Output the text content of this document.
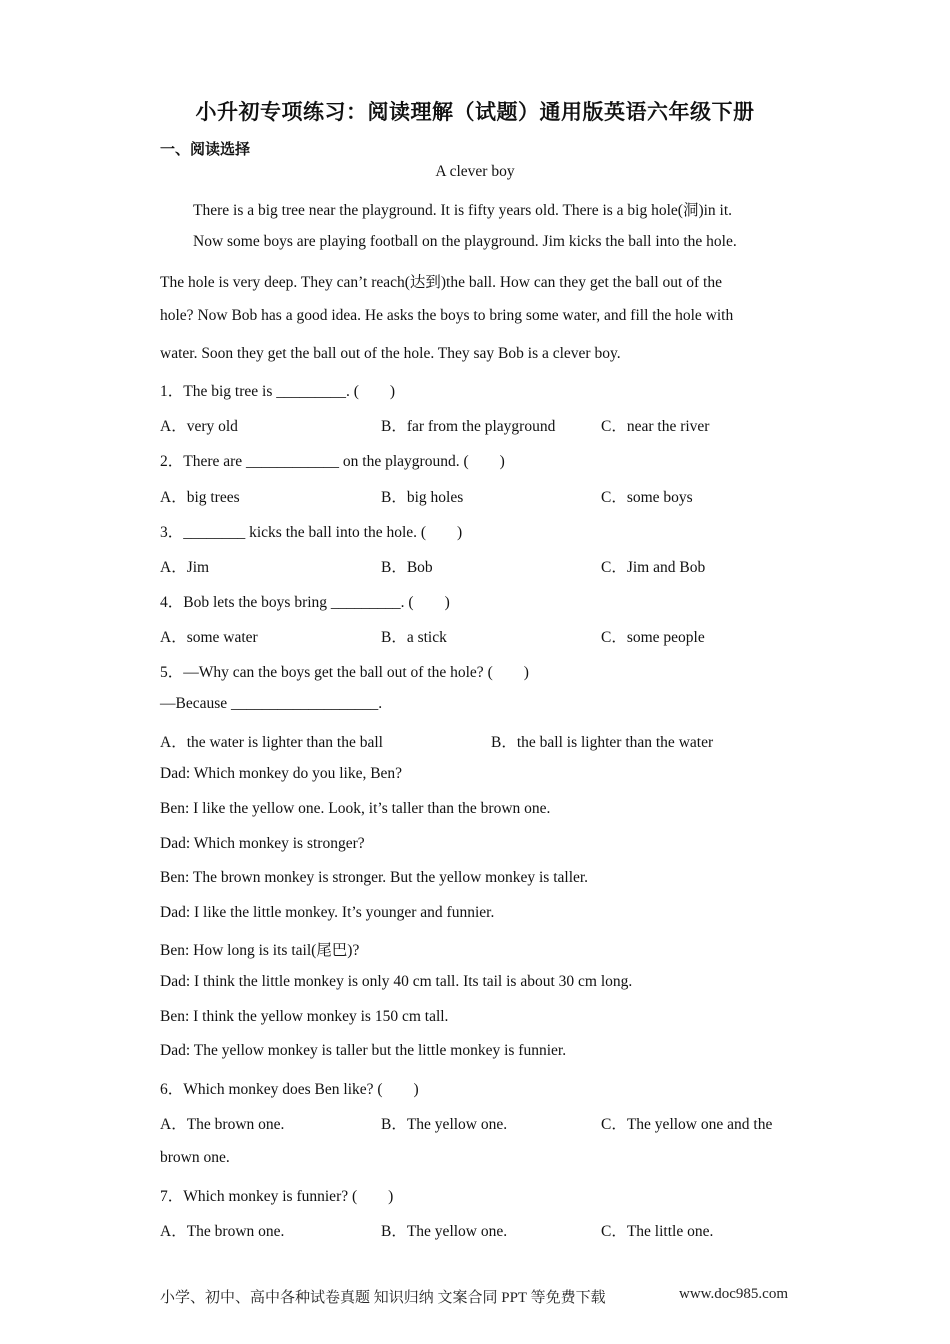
小升初专项练习：阅读理解（试题）通用版英语六年级下册
一、阅读选择
A clever boy
There is a big tree near the playground. It is fifty years old. There is a big hole(洞)in it.
Now some boys are playing football on the playground. Jim kicks the ball into the hole.
The hole is very deep. They can’t reach(达到)the ball. How can they get the ball out of the
hole? Now Bob has a good idea. He asks the boys to bring some water, and fill the hole with
water. Soon they get the ball out of the hole. They say Bob is a clever boy.
1．The big tree is _________. (　　)
A．very old	B．far from the playground	C．near the river
2．There are ____________ on the playground. (　　)
A．big trees	B．big holes	C．some boys
3．________ kicks the ball into the hole. (　　)
A．Jim	B．Bob	C．Jim and Bob
4．Bob lets the boys bring _________. (　　)
A．some water	B．a stick	C．some people
5．—Why can the boys get the ball out of the hole? (　　)
—Because ___________________.
A．the water is lighter than the ball	B．the ball is lighter than the water
Dad: Which monkey do you like, Ben?
Ben: I like the yellow one. Look, it’s taller than the brown one.
Dad: Which monkey is stronger?
Ben: The brown monkey is stronger. But the yellow monkey is taller.
Dad: I like the little monkey. It’s younger and funnier.
Ben: How long is its tail(尾巴)?
Dad: I think the little monkey is only 40 cm tall. Its tail is about 30 cm long.
Ben: I think the yellow monkey is 150 cm tall.
Dad: The yellow monkey is taller but the little monkey is funnier.
6．Which monkey does Ben like? (　　)
A．The brown one.	B．The yellow one.	C．The yellow one and the
brown one.
7．Which monkey is funnier? (　　)
A．The brown one.	B．The yellow one.	C．The little one.
小学、初中、高中各种试卷真题 知识归纳 文案合同 PPT 等免费下载	www.doc985.com
